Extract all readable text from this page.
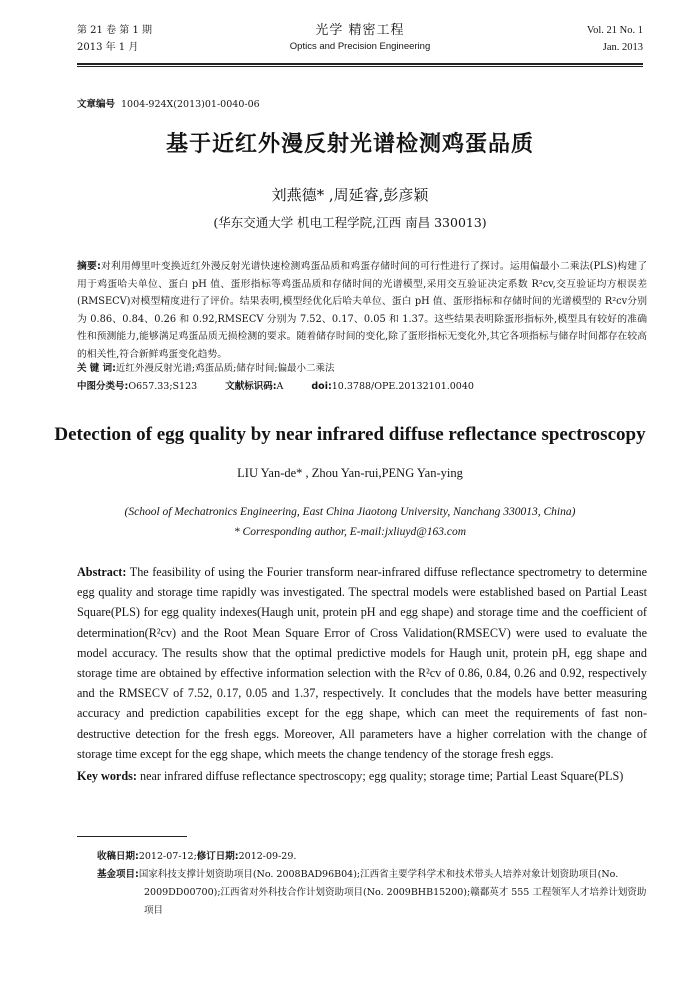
第 21 卷 第 1 期
2013 年 1 月
光学 精密工程
Optics and Precision Engineering
Vol. 21 No. 1
Jan. 2013
文章编号 1004-924X(2013)01-0040-06
基于近红外漫反射光谱检测鸡蛋品质
刘燕德* ,周延睿,彭彦颖
(华东交通大学 机电工程学院,江西 南昌 330013)
摘要:对利用傅里叶变换近红外漫反射光谱快速检测鸡蛋品质和鸡蛋存储时间的可行性进行了探讨。运用偏最小二乘法(PLS)构建了用于鸡蛋哈夫单位、蛋白 pH 值、蛋形指标等鸡蛋品质和存储时间的光谱模型,采用交互验证决定系数 R²cv,交互验证均方根误差(RMSECV)对模型精度进行了评价。结果表明,模型经优化后哈夫单位、蛋白 pH 值、蛋形指标和存储时间的光谱模型的 R²cv分别为 0.86、0.84、0.26 和 0.92,RMSECV 分别为 7.52、0.17、0.05 和 1.37。这些结果表明除蛋形指标外,模型具有较好的准确性和预测能力,能够满足鸡蛋品质无损检测的要求。随着储存时间的变化,除了蛋形指标无变化外,其它各项指标与储存时间都存在较高的相关性,符合新鲜鸡蛋变化趋势。
关 键 词:近红外漫反射光谱;鸡蛋品质;储存时间;偏最小二乘法
中图分类号:O657.33;S123	文献标识码:A	doi:10.3788/OPE.20132101.0040
Detection of egg quality by near infrared diffuse reflectance spectroscopy
LIU Yan-de* , Zhou Yan-rui,PENG Yan-ying
(School of Mechatronics Engineering, East China Jiaotong University, Nanchang 330013, China)
* Corresponding author, E-mail:jxliuyd@163.com
Abstract: The feasibility of using the Fourier transform near-infrared diffuse reflectance spectrometry to determine egg quality and storage time rapidly was investigated. The spectral models were established based on Partial Least Square(PLS) for egg quality indexes(Haugh unit, protein pH and egg shape) and storage time and the coefficient of determination(R²cv) and the Root Mean Square Error of Cross Validation(RMSECV) were used to evaluate the model accuracy. The results show that the optimal predictive models for Haugh unit, protein pH, egg shape and storage time are obtained by effective information selection with the R²cv of 0.86, 0.84, 0.26 and 0.92, respectively and the RMSECV of 7.52, 0.17, 0.05 and 1.37, respectively. It concludes that the models have better measuring accuracy and prediction capabilities except for the egg shape, which can meet the requirements of fast non-destructive detection for the fresh eggs. Moreover, All parameters have a higher correlation with the change of storage time except for the egg shape, which meets the change tendency of the storage fresh eggs.
Key words: near infrared diffuse reflectance spectroscopy; egg quality; storage time; Partial Least Square(PLS)
收稿日期:2012-07-12;修订日期:2012-09-29.
基金项目:国家科技支撑计划资助项目(No. 2008BAD96B04);江西省主要学科学术和技术带头人培养对象计划资助项目(No. 2009DD00700);江西省对外科技合作计划资助项目(No. 2009BHB15200);赣鄱英才 555 工程领军人才培养计划资助项目
